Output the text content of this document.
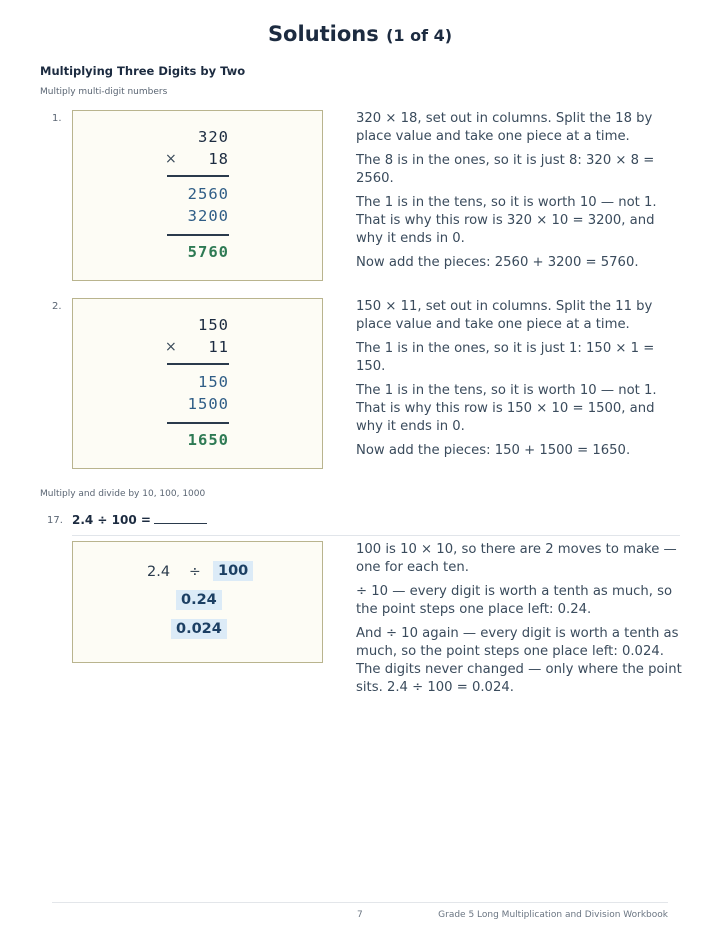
Solutions (1 of 4)
Multiplying Three Digits by Two
Multiply multi-digit numbers
1.
320
×	18
2560
3200
5760

320 × 18, set out in columns. Split the 18 by place value and take one piece at a time.

The 8 is in the ones, so it is just 8: 320 × 8 = 2560.

The 1 is in the tens, so it is worth 10 — not 1. That is why this row is 320 × 10 = 3200, and why it ends in 0.

Now add the pieces: 2560 + 3200 = 5760.

2.
150
×	11
150
1500
1650

150 × 11, set out in columns. Split the 11 by place value and take one piece at a time.

The 1 is in the ones, so it is just 1: 150 × 1 = 150.

The 1 is in the tens, so it is worth 10 — not 1. That is why this row is 150 × 10 = 1500, and why it ends in 0.

Now add the pieces: 150 + 1500 = 1650.

Multiply and divide by 10, 100, 1000
17. 2.4 ÷ 100 =
2.4 ÷	100
0.24
0.024

100 is 10 × 10, so there are 2 moves to make — one for each ten.

÷ 10 — every digit is worth a tenth as much, so the point steps one place left: 0.24.

And ÷ 10 again — every digit is worth a tenth as much, so the point steps one place left: 0.024. The digits never changed — only where the point sits. 2.4 ÷ 100 = 0.024.

7	Grade 5 Long Multiplication and Division Workbook
